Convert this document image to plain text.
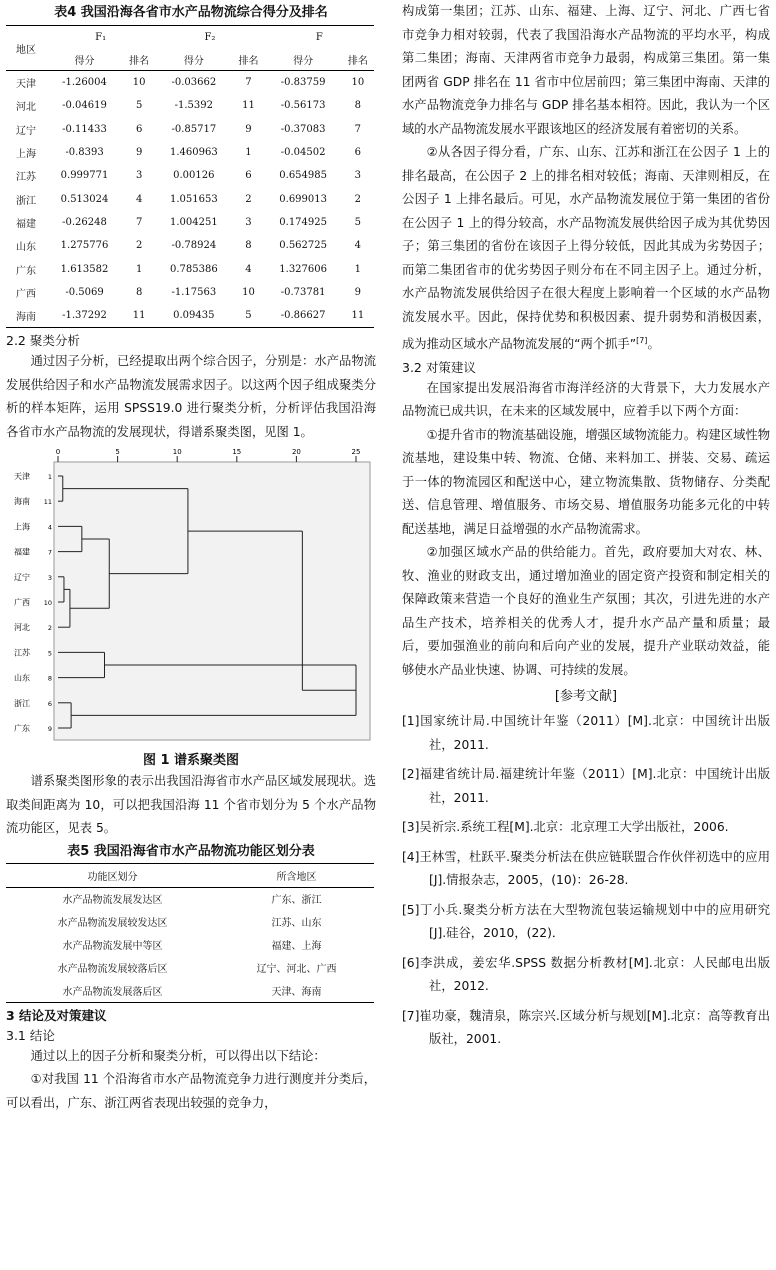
表4 我国沿海各省市水产品物流综合得分及排名
地区	F₁		F₂		F	
	得分	排名	得分	排名	得分	排名
天津	-1.26004	10	-0.03662	7	-0.83759	10
河北	-0.04619	5	-1.5392	11	-0.56173	8
辽宁	-0.11433	6	-0.85717	9	-0.37083	7
上海	-0.8393	9	1.460963	1	-0.04502	6
江苏	0.999771	3	0.00126	6	0.654985	3
浙江	0.513024	4	1.051653	2	0.699013	2
福建	-0.26248	7	1.004251	3	0.174925	5
山东	1.275776	2	-0.78924	8	0.562725	4
广东	1.613582	1	0.785386	4	1.327606	1
广西	-0.5069	8	-1.17563	10	-0.73781	9
海南	-1.37292	11	0.09435	5	-0.86627	11
2.2 聚类分析

通过因子分析，已经提取出两个综合因子，分别是：水产品物流发展供给因子和水产品物流发展需求因子。以这两个因子组成聚类分析的样本矩阵，运用 SPSS19.0 进行聚类分析，分析评估我国沿海各省市水产品物流的发展现状，得谱系聚类图，见图 1。

0	5	10	15	20	25
天津	1
海南 11
上海	4
福建	7
辽宁	3
广西 10
河北	2
江苏	5
山东	8
浙江	6
广东	9
图 1 谱系聚类图

谱系聚类图形象的表示出我国沿海省市水产品区域发展现状。选取类间距离为 10，可以把我国沿海 11 个省市划分为 5 个水产品物流功能区，见表 5。

表5 我国沿海省市水产品物流功能区划分表
功能区划分	所含地区
水产品物流发展发达区	广东、浙江
水产品物流发展较发达区	江苏、山东
水产品物流发展中等区	福建、上海
水产品物流发展较落后区	辽宁、河北、广西
水产品物流发展落后区	天津、海南
3 结论及对策建议
3.1 结论

通过以上的因子分析和聚类分析，可以得出以下结论：

①对我国 11 个沿海省市水产品物流竞争力进行测度并分类后，可以看出，广东、浙江两省表现出较强的竞争力，

构成第一集团；江苏、山东、福建、上海、辽宁、河北、广西七省市竞争力相对较弱，代表了我国沿海水产品物流的平均水平，构成第二集团；海南、天津两省市竞争力最弱，构成第三集团。第一集团两省 GDP 排名在 11 省市中位居前四；第三集团中海南、天津的水产品物流竞争力排名与 GDP 排名基本相符。因此，我认为一个区域的水产品物流发展水平跟该地区的经济发展有着密切的关系。

②从各因子得分看，广东、山东、江苏和浙江在公因子 1 上的排名最高，在公因子 2 上的排名相对较低；海南、天津则相反，在公因子 1 上排名最后。可见，水产品物流发展位于第一集团的省份在公因子 1 上的得分较高，水产品物流发展供给因子成为其优势因子；第三集团的省份在该因子上得分较低，因此其成为劣势因子；而第二集团省市的优劣势因子则分布在不同主因子上。通过分析，水产品物流发展供给因子在很大程度上影响着一个区域的水产品物流发展水平。因此，保持优势和积极因素、提升弱势和消极因素，成为推动区域水产品物流发展的“两个抓手”[7]。

3.2 对策建议

在国家提出发展沿海省市海洋经济的大背景下，大力发展水产品物流已成共识，在未来的区域发展中，应着手以下两个方面：

①提升省市的物流基础设施，增强区域物流能力。构建区域性物流基地，建设集中转、物流、仓储、来料加工、拼装、交易、疏运于一体的物流园区和配送中心，建立物流集散、货物储存、分类配送、信息管理、增值服务、市场交易、增值服务功能多元化的中转配送基地，满足日益增强的水产品物流需求。

②加强区域水产品的供给能力。首先，政府要加大对农、林、牧、渔业的财政支出，通过增加渔业的固定资产投资和制定相关的保障政策来营造一个良好的渔业生产氛围；其次，引进先进的水产品生产技术，培养相关的优秀人才，提升水产品产量和质量；最后，要加强渔业的前向和后向产业的发展，提升产业联动效益，能够使水产品业快速、协调、可持续的发展。

[参考文献]

[1]国家统计局.中国统计年鉴（2011）[M].北京：中国统计出版社，2011.

[2]福建省统计局.福建统计年鉴（2011）[M].北京：中国统计出版社，2011.

[3]吴祈宗.系统工程[M].北京：北京理工大学出版社，2006.

[4]王林雪，杜跃平.聚类分析法在供应链联盟合作伙伴初选中的应用[J].情报杂志，2005，(10)：26-28.

[5]丁小兵.聚类分析方法在大型物流包装运输规划中中的应用研究[J].硅谷，2010，(22)．

[6]李洪成，姜宏华.SPSS 数据分析教材[M].北京：人民邮电出版社，2012.

[7]崔功豪，魏清泉，陈宗兴.区域分析与规划[M].北京：高等教育出版社，2001.
